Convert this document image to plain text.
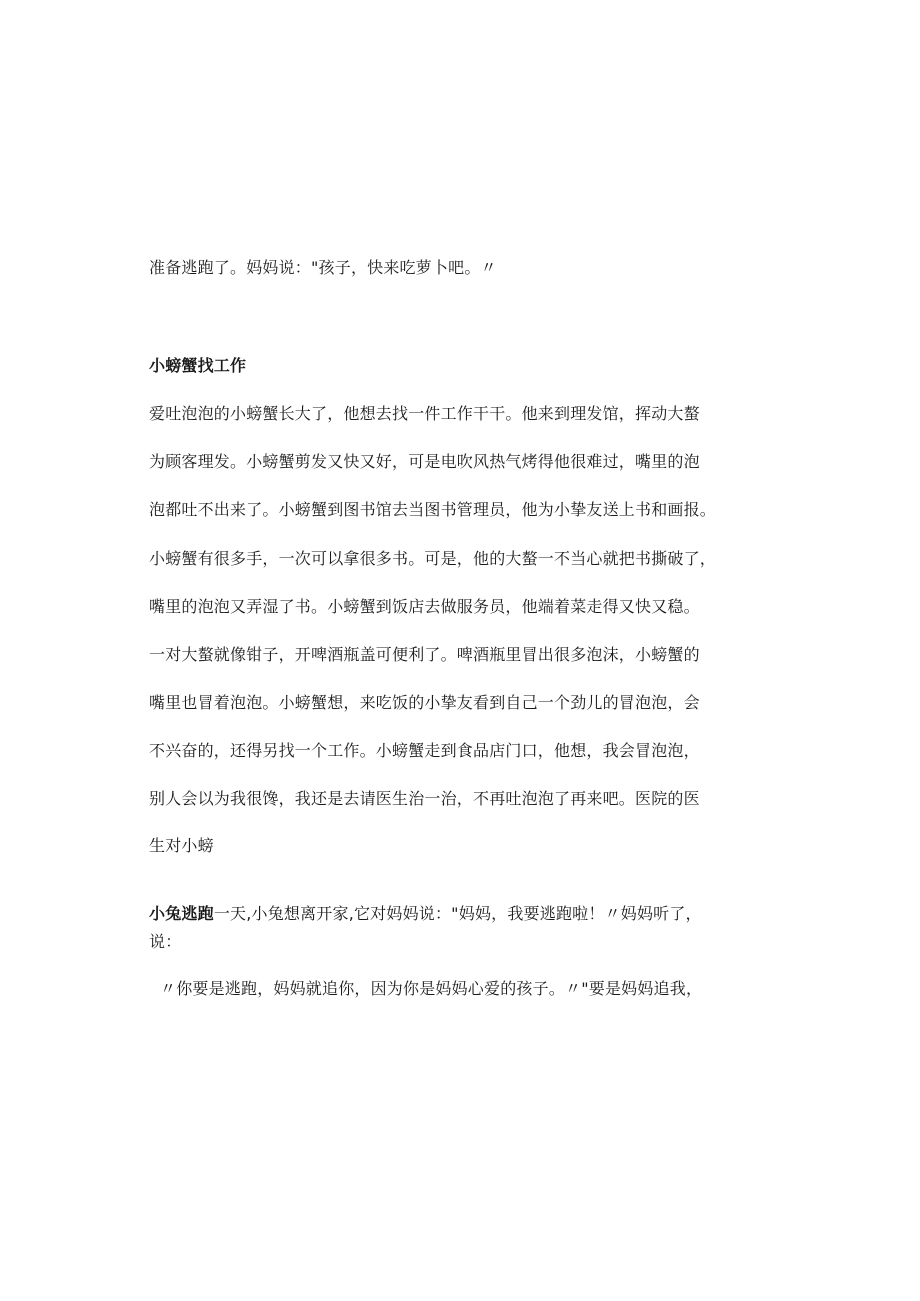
准备逃跑了。妈妈说："孩子，快来吃萝卜吧。〃
小螃蟹找工作
爱吐泡泡的小螃蟹长大了，他想去找一件工作干干。他来到理发馆，挥动大螯
为顾客理发。小螃蟹剪发又快又好，可是电吹风热气烤得他很难过，嘴里的泡
泡都吐不出来了。小螃蟹到图书馆去当图书管理员，他为小挚友送上书和画报。
小螃蟹有很多手，一次可以拿很多书。可是，他的大螯一不当心就把书撕破了，
嘴里的泡泡又弄湿了书。小螃蟹到饭店去做服务员，他端着菜走得又快又稳。
一对大螯就像钳子，开啤酒瓶盖可便利了。啤酒瓶里冒出很多泡沫，小螃蟹的
嘴里也冒着泡泡。小螃蟹想，来吃饭的小挚友看到自己一个劲儿的冒泡泡，会
不兴奋的，还得另找一个工作。小螃蟹走到食品店门口，他想，我会冒泡泡，
别人会以为我很馋，我还是去请医生治一治，不再吐泡泡了再来吧。医院的医
生对小螃
小兔逃跑一天,小兔想离开家,它对妈妈说："妈妈，我要逃跑啦！〃妈妈听了，
说：
〃你要是逃跑，妈妈就追你，因为你是妈妈心爱的孩子。〃"要是妈妈追我，
